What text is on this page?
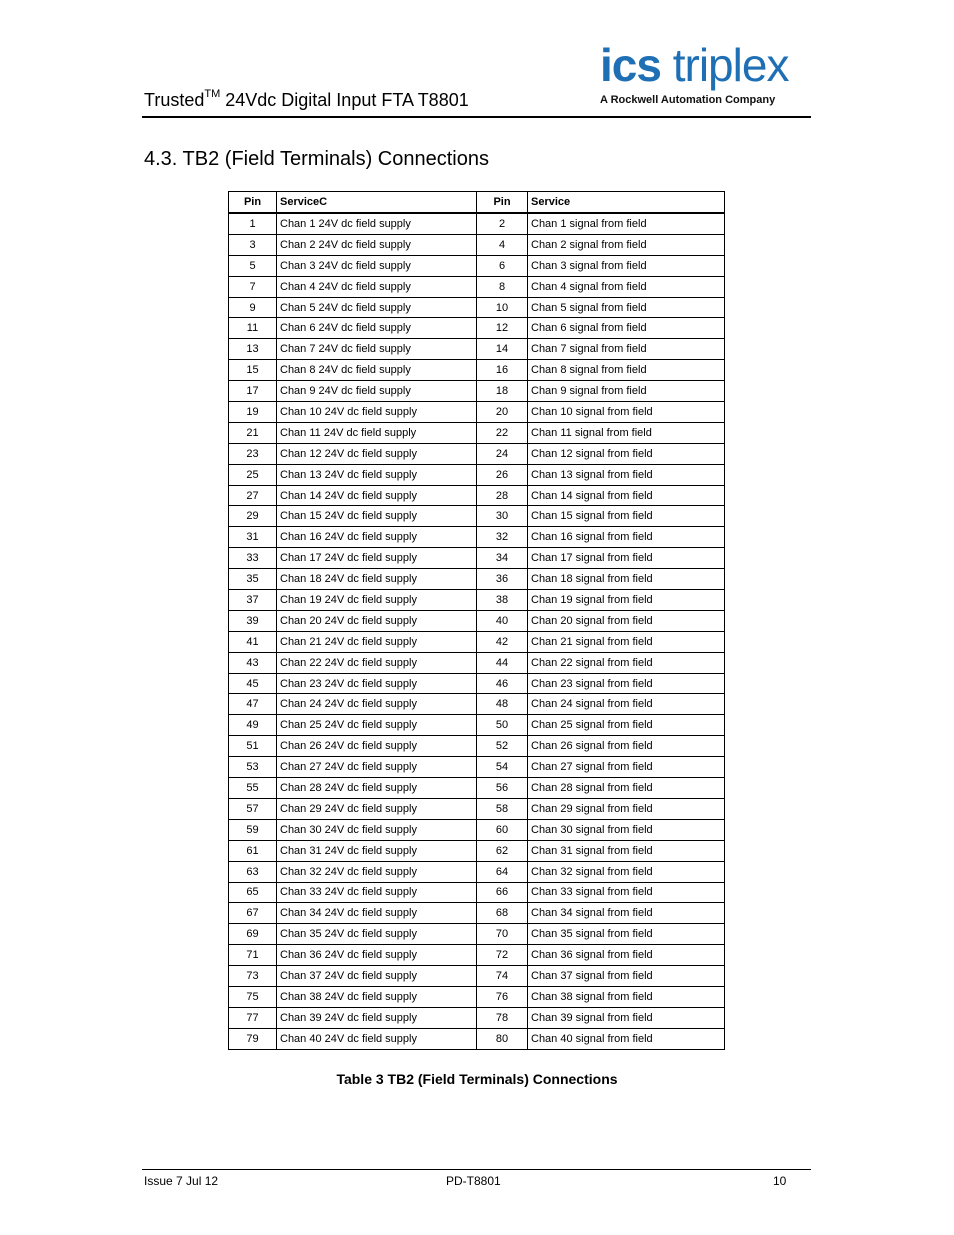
Trusted™ 24Vdc Digital Input FTA T8801
ics triplex
A Rockwell Automation Company
4.3. TB2 (Field Terminals) Connections
Pin	ServiceC	Pin	Service
1	Chan 1 24V dc field supply	2	Chan 1 signal from field
3	Chan 2 24V dc field supply	4	Chan 2 signal from field
5	Chan 3 24V dc field supply	6	Chan 3 signal from field
7	Chan 4 24V dc field supply	8	Chan 4 signal from field
9	Chan 5 24V dc field supply	10	Chan 5 signal from field
11	Chan 6 24V dc field supply	12	Chan 6 signal from field
13	Chan 7 24V dc field supply	14	Chan 7 signal from field
15	Chan 8 24V dc field supply	16	Chan 8 signal from field
17	Chan 9 24V dc field supply	18	Chan 9 signal from field
19	Chan 10 24V dc field supply	20	Chan 10 signal from field
21	Chan 11 24V dc field supply	22	Chan 11 signal from field
23	Chan 12 24V dc field supply	24	Chan 12 signal from field
25	Chan 13 24V dc field supply	26	Chan 13 signal from field
27	Chan 14 24V dc field supply	28	Chan 14 signal from field
29	Chan 15 24V dc field supply	30	Chan 15 signal from field
31	Chan 16 24V dc field supply	32	Chan 16 signal from field
33	Chan 17 24V dc field supply	34	Chan 17 signal from field
35	Chan 18 24V dc field supply	36	Chan 18 signal from field
37	Chan 19 24V dc field supply	38	Chan 19 signal from field
39	Chan 20 24V dc field supply	40	Chan 20 signal from field
41	Chan 21 24V dc field supply	42	Chan 21 signal from field
43	Chan 22 24V dc field supply	44	Chan 22 signal from field
45	Chan 23 24V dc field supply	46	Chan 23 signal from field
47	Chan 24 24V dc field supply	48	Chan 24 signal from field
49	Chan 25 24V dc field supply	50	Chan 25 signal from field
51	Chan 26 24V dc field supply	52	Chan 26 signal from field
53	Chan 27 24V dc field supply	54	Chan 27 signal from field
55	Chan 28 24V dc field supply	56	Chan 28 signal from field
57	Chan 29 24V dc field supply	58	Chan 29 signal from field
59	Chan 30 24V dc field supply	60	Chan 30 signal from field
61	Chan 31 24V dc field supply	62	Chan 31 signal from field
63	Chan 32 24V dc field supply	64	Chan 32 signal from field
65	Chan 33 24V dc field supply	66	Chan 33 signal from field
67	Chan 34 24V dc field supply	68	Chan 34 signal from field
69	Chan 35 24V dc field supply	70	Chan 35 signal from field
71	Chan 36 24V dc field supply	72	Chan 36 signal from field
73	Chan 37 24V dc field supply	74	Chan 37 signal from field
75	Chan 38 24V dc field supply	76	Chan 38 signal from field
77	Chan 39 24V dc field supply	78	Chan 39 signal from field
79	Chan 40 24V dc field supply	80	Chan 40 signal from field
Table 3 TB2 (Field Terminals) Connections
Issue 7 Jul 12	PD-T8801	10
